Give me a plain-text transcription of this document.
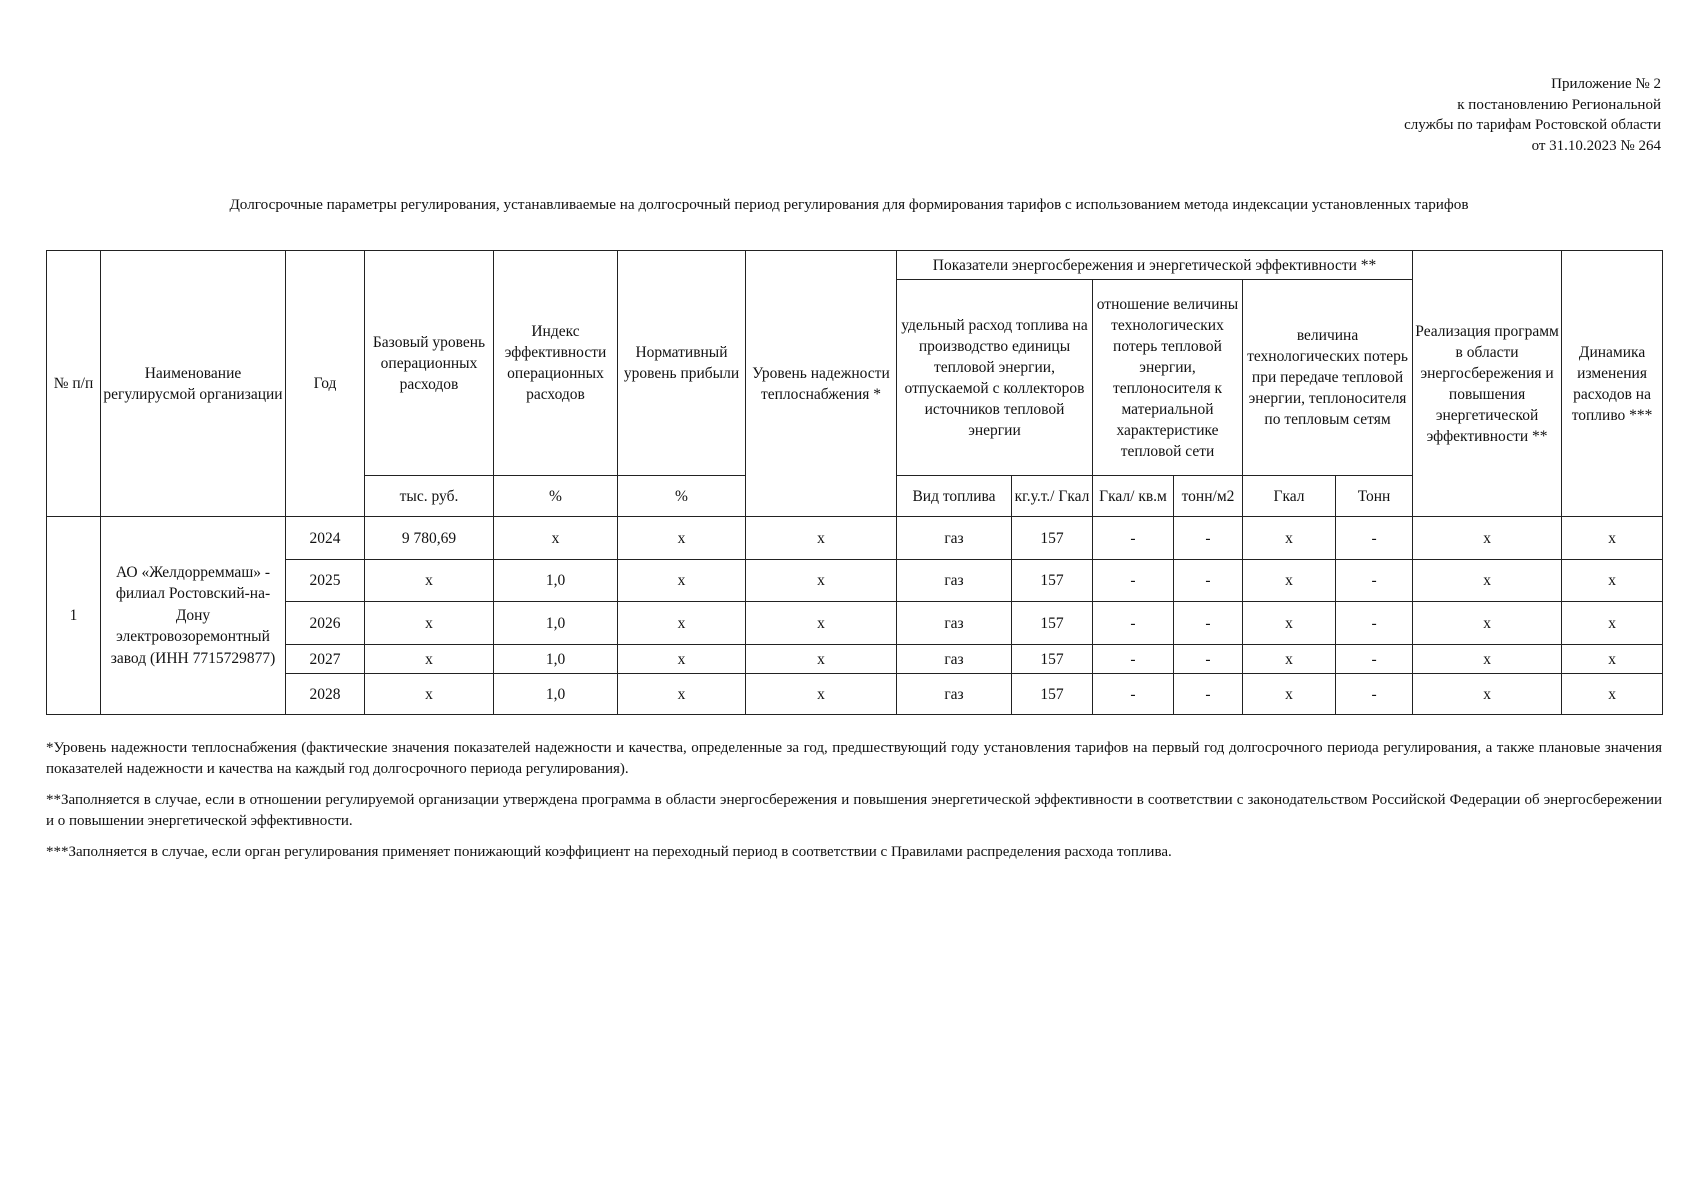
Приложение № 2
к постановлению Региональной
службы по тарифам Ростовской области
от 31.10.2023 № 264
Долгосрочные параметры регулирования, устанавливаемые на долгосрочный период регулирования для формирования тарифов с использованием метода индексации установленных тарифов
№ п/п	Наименование регулирусмой организации	Год	Базовый уровень операционных расходов	Индекс эффективности операционных расходов	Нормативный уровень прибыли	Уровень надежности теплоснабжения *	Показатели энергосбережения и энергетической эффективности **						Реализация программ в области энергосбережения и повышения энергетической эффективности **	Динамика изменения расходов на топливо ***
							удельный расход топлива на производство единицы тепловой энергии, отпускаемой с коллекторов источников тепловой энергии		отношение величины технологических потерь тепловой энергии, теплоносителя к материальной характеристике тепловой сети		величина технологических потерь при передаче тепловой энергии, теплоносителя по тепловым сетям			
			тыс. руб.	%	%		Вид топлива	кг.у.т./ Гкал	Гкал/ кв.м	тонн/м2	Гкал	Тонн		
1	АО «Желдорреммаш» - филиал Ростовский-на-Дону электровозоремонтный завод (ИНН 7715729877)	2024	9 780,69	x	x	x	газ	157	-	-	x	-	x	x
		2025	x	1,0	x	x	газ	157	-	-	x	-	x	x
		2026	x	1,0	x	x	газ	157	-	-	x	-	x	x
		2027	x	1,0	x	x	газ	157	-	-	x	-	x	x
		2028	x	1,0	x	x	газ	157	-	-	x	-	x	x

*Уровень надежности теплоснабжения (фактические значения показателей надежности и качества, определенные за год, предшествующий году установления тарифов на первый год долгосрочного периода регулирования, а также плановые значения показателей надежности и качества на каждый год долгосрочного периода регулирования).

**Заполняется в случае, если в отношении регулируемой организации утверждена программа в области энергосбережения и повышения энергетической эффективности в соответствии с законодательством Российской Федерации об энергосбережении и о повышении энергетической эффективности.

***Заполняется в случае, если орган регулирования применяет понижающий коэффициент на переходный период в соответствии с Правилами распределения расхода топлива.
